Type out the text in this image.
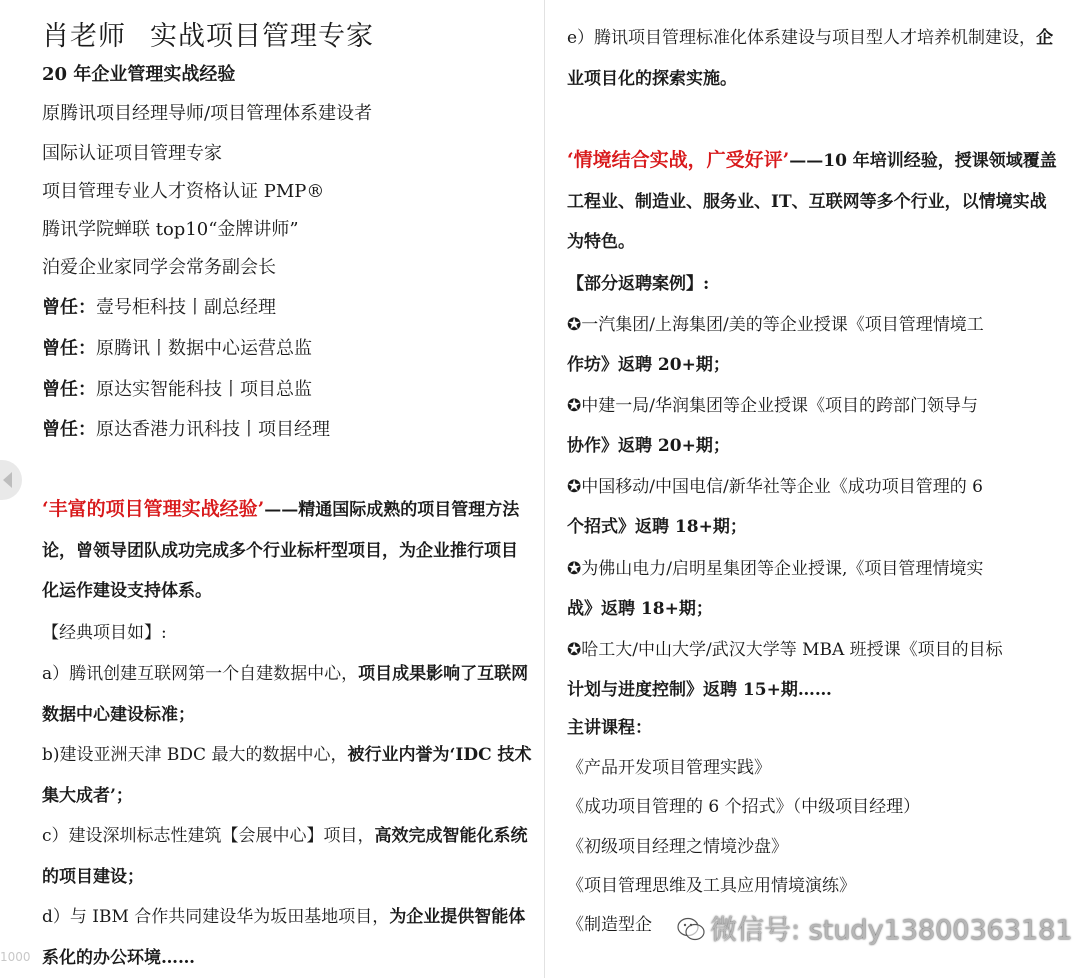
肖老师 实战项目管理专家
20 年企业管理实战经验
原腾讯项目经理导师/项目管理体系建设者
国际认证项目管理专家
项目管理专业人才资格认证 PMP®
腾讯学院蝉联 top10“金牌讲师”
泊爱企业家同学会常务副会长
曾任：壹号柜科技丨副总经理
曾任：原腾讯丨数据中心运营总监
曾任：原达实智能科技丨项目总监
曾任：原达香港力讯科技丨项目经理

‘丰富的项目管理实战经验’——精通国际成熟的项目管理方法论，曾领导团队成功完成多个行业标杆型项目，为企业推行项目化运作建设支持体系。

【经典项目如】:

a）腾讯创建互联网第一个自建数据中心，项目成果影响了互联网数据中心建设标准；

b)建设亚洲天津 BDC 最大的数据中心，被行业内誉为‘IDC 技术集大成者’；

c）建设深圳标志性建筑【会展中心】项目，高效完成智能化系统的项目建设；

d）与 IBM 合作共同建设华为坂田基地项目，为企业提供智能体系化的办公环境……

e）腾讯项目管理标准化体系建设与项目型人才培养机制建设，企业项目化的探索实施。

‘情境结合实战，广受好评’——10 年培训经验，授课领域覆盖工程业、制造业、服务业、IT、互联网等多个行业，以情境实战为特色。

【部分返聘案例】:
✪一汽集团/上海集团/美的等企业授课《项目管理情境工
作坊》返聘 20+期；
✪中建一局/华润集团等企业授课《项目的跨部门领导与
协作》返聘 20+期；
✪中国移动/中国电信/新华社等企业《成功项目管理的 6
个招式》返聘 18+期；
✪为佛山电力/启明星集团等企业授课,《项目管理情境实
战》返聘 18+期；
✪哈工大/中山大学/武汉大学等 MBA 班授课《项目的目标
计划与进度控制》返聘 15+期……
主讲课程：
《产品开发项目管理实践》
《成功项目管理的 6 个招式》（中级项目经理）
《初级项目经理之情境沙盘》
《项目管理思维及工具应用情境演练》
《制造型企	微信号: study13800363181
1000
